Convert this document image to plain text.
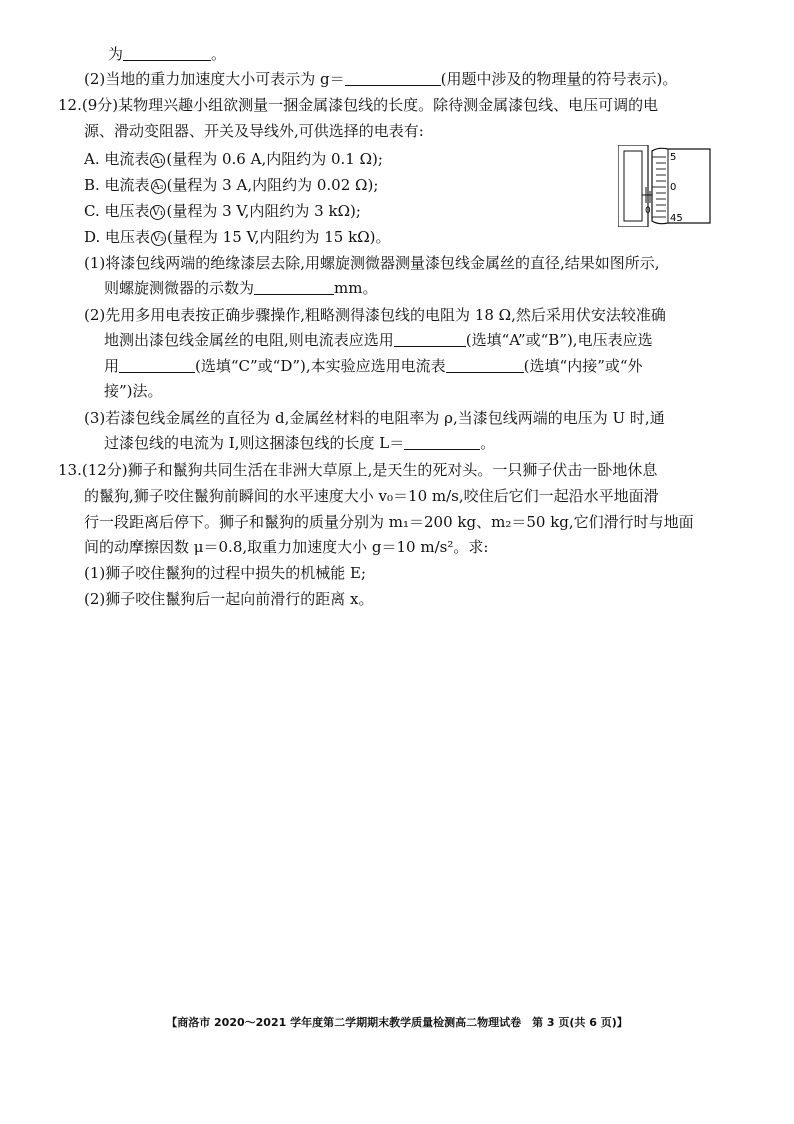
为	。
(2)当地的重力加速度大小可表示为 g＝	(用题中涉及的物理量的符号表示)。
12.(9分)某物理兴趣小组欲测量一捆金属漆包线的长度。除待测金属漆包线、电压可调的电
源、滑动变阻器、开关及导线外,可供选择的电表有:
A. 电流表 A₁ (量程为 0.6 A,内阻约为 0.1 Ω);
B. 电流表 A₂ (量程为 3 A,内阻约为 0.02 Ω);
C. 电压表 V₁ (量程为 3 V,内阻约为 3 kΩ);
D. 电压表 V₂ (量程为 15 V,内阻约为 15 kΩ)。
0
5
0
45
(1)将漆包线两端的绝缘漆层去除,用螺旋测微器测量漆包线金属丝的直径,结果如图所示,
则螺旋测微器的示数为	mm。
(2)先用多用电表按正确步骤操作,粗略测得漆包线的电阻为 18 Ω,然后采用伏安法较准确
地测出漆包线金属丝的电阻,则电流表应选用	(选填“A”或“B”),电压表应选
用	(选填“C”或“D”),本实验应选用电流表	(选填“内接”或“外
接”)法。
(3)若漆包线金属丝的直径为 d,金属丝材料的电阻率为 ρ,当漆包线两端的电压为 U 时,通
过漆包线的电流为 I,则这捆漆包线的长度 L＝	。
13.(12分)狮子和鬣狗共同生活在非洲大草原上,是天生的死对头。一只狮子伏击一卧地休息
的鬣狗,狮子咬住鬣狗前瞬间的水平速度大小 v₀＝10 m/s,咬住后它们一起沿水平地面滑
行一段距离后停下。狮子和鬣狗的质量分别为 m₁＝200 kg、m₂＝50 kg,它们滑行时与地面
间的动摩擦因数 μ＝0.8,取重力加速度大小 g＝10 m/s²。求:
(1)狮子咬住鬣狗的过程中损失的机械能 E;
(2)狮子咬住鬣狗后一起向前滑行的距离 x。
【商洛市 2020～2021 学年度第二学期期末教学质量检测高二物理试卷　第 3 页(共 6 页)】
